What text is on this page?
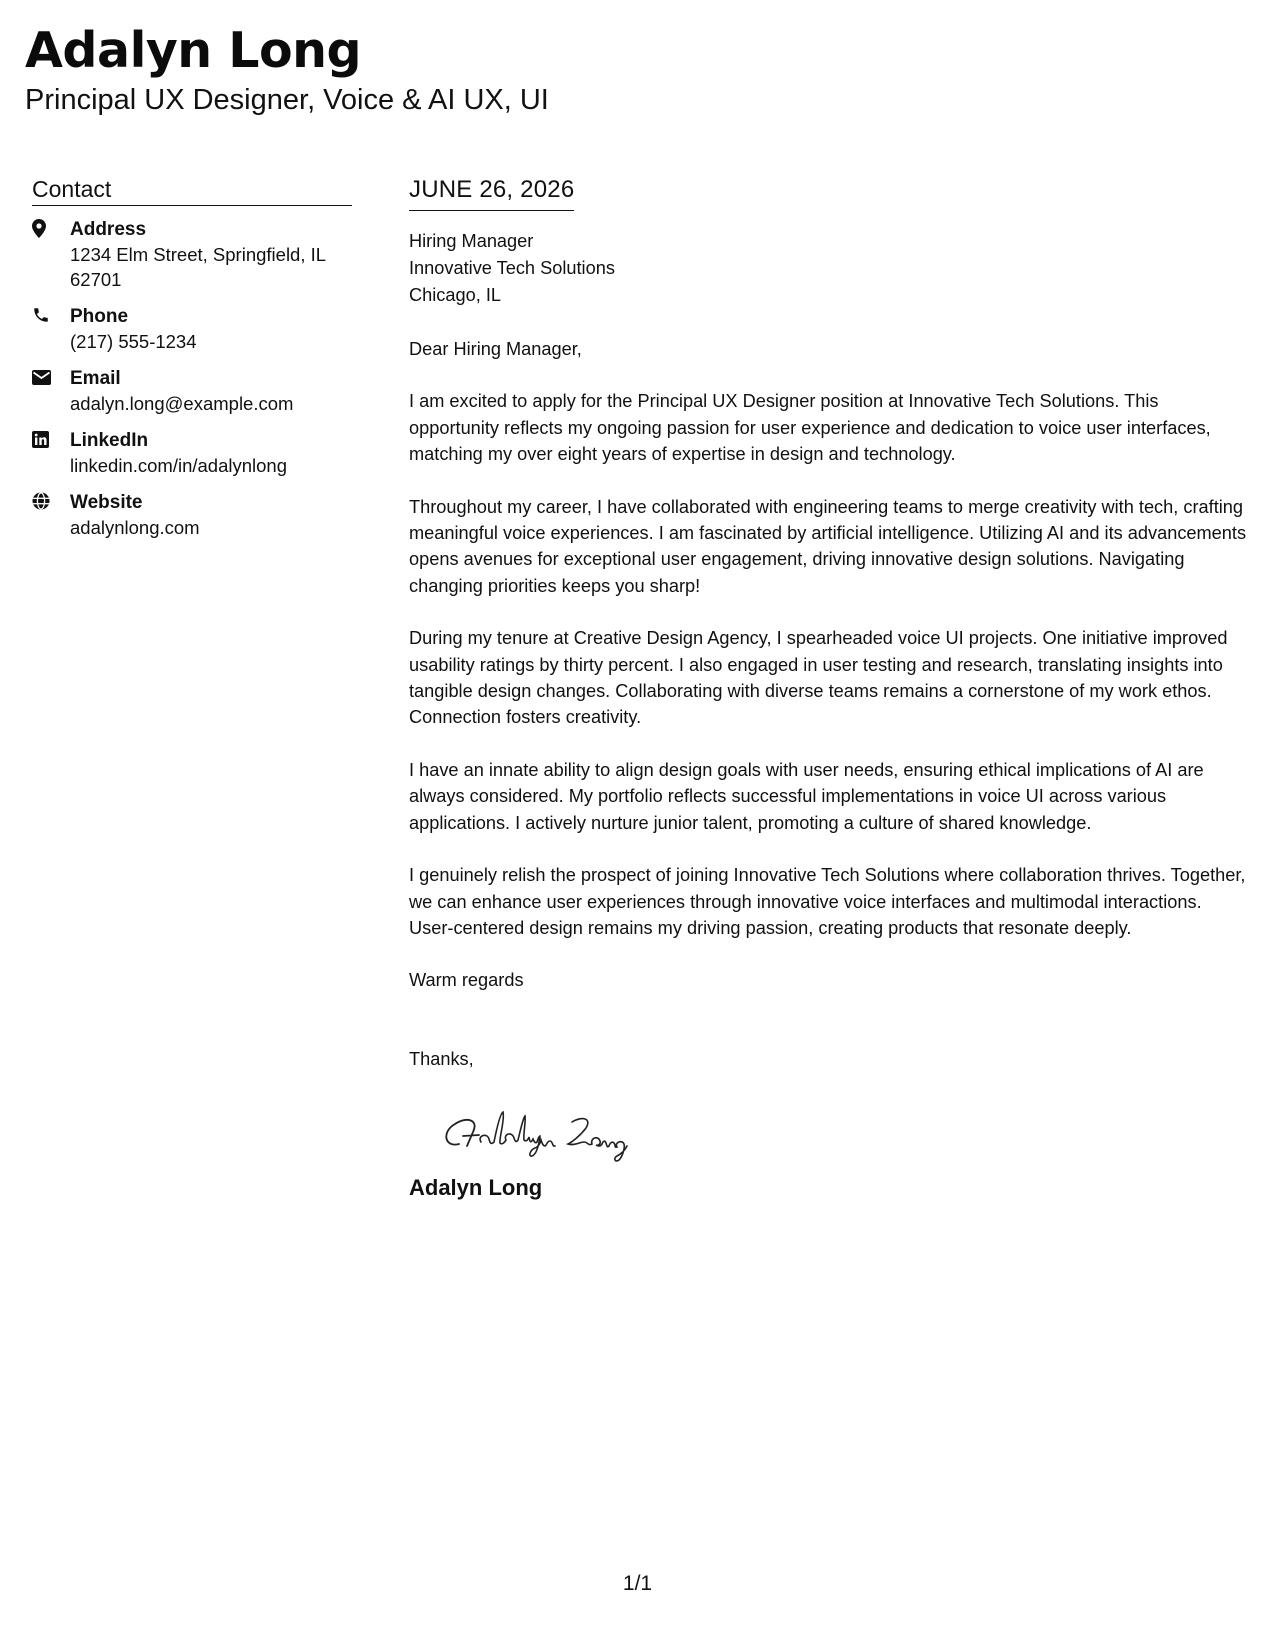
Adalyn Long
Principal UX Designer, Voice & AI UX, UI
Contact
Address
1234 Elm Street, Springfield, IL 62701
Phone
(217) 555-1234
Email
adalyn.long@example.com
LinkedIn
linkedin.com/in/adalynlong
Website
adalynlong.com
JUNE 26, 2026
Hiring Manager
Innovative Tech Solutions
Chicago, IL
Dear Hiring Manager,

I am excited to apply for the Principal UX Designer position at Innovative Tech Solutions. This opportunity reflects my ongoing passion for user experience and dedication to voice user interfaces, matching my over eight years of expertise in design and technology.

Throughout my career, I have collaborated with engineering teams to merge creativity with tech, crafting meaningful voice experiences. I am fascinated by artificial intelligence. Utilizing AI and its advancements opens avenues for exceptional user engagement, driving innovative design solutions. Navigating changing priorities keeps you sharp!

During my tenure at Creative Design Agency, I spearheaded voice UI projects. One initiative improved usability ratings by thirty percent. I also engaged in user testing and research, translating insights into tangible design changes. Collaborating with diverse teams remains a cornerstone of my work ethos. Connection fosters creativity.

I have an innate ability to align design goals with user needs, ensuring ethical implications of AI are always considered. My portfolio reflects successful implementations in voice UI across various applications. I actively nurture junior talent, promoting a culture of shared knowledge.

I genuinely relish the prospect of joining Innovative Tech Solutions where collaboration thrives. Together, we can enhance user experiences through innovative voice interfaces and multimodal interactions. User-centered design remains my driving passion, creating products that resonate deeply.

Warm regards
Thanks,
Adalyn Long
1/1
